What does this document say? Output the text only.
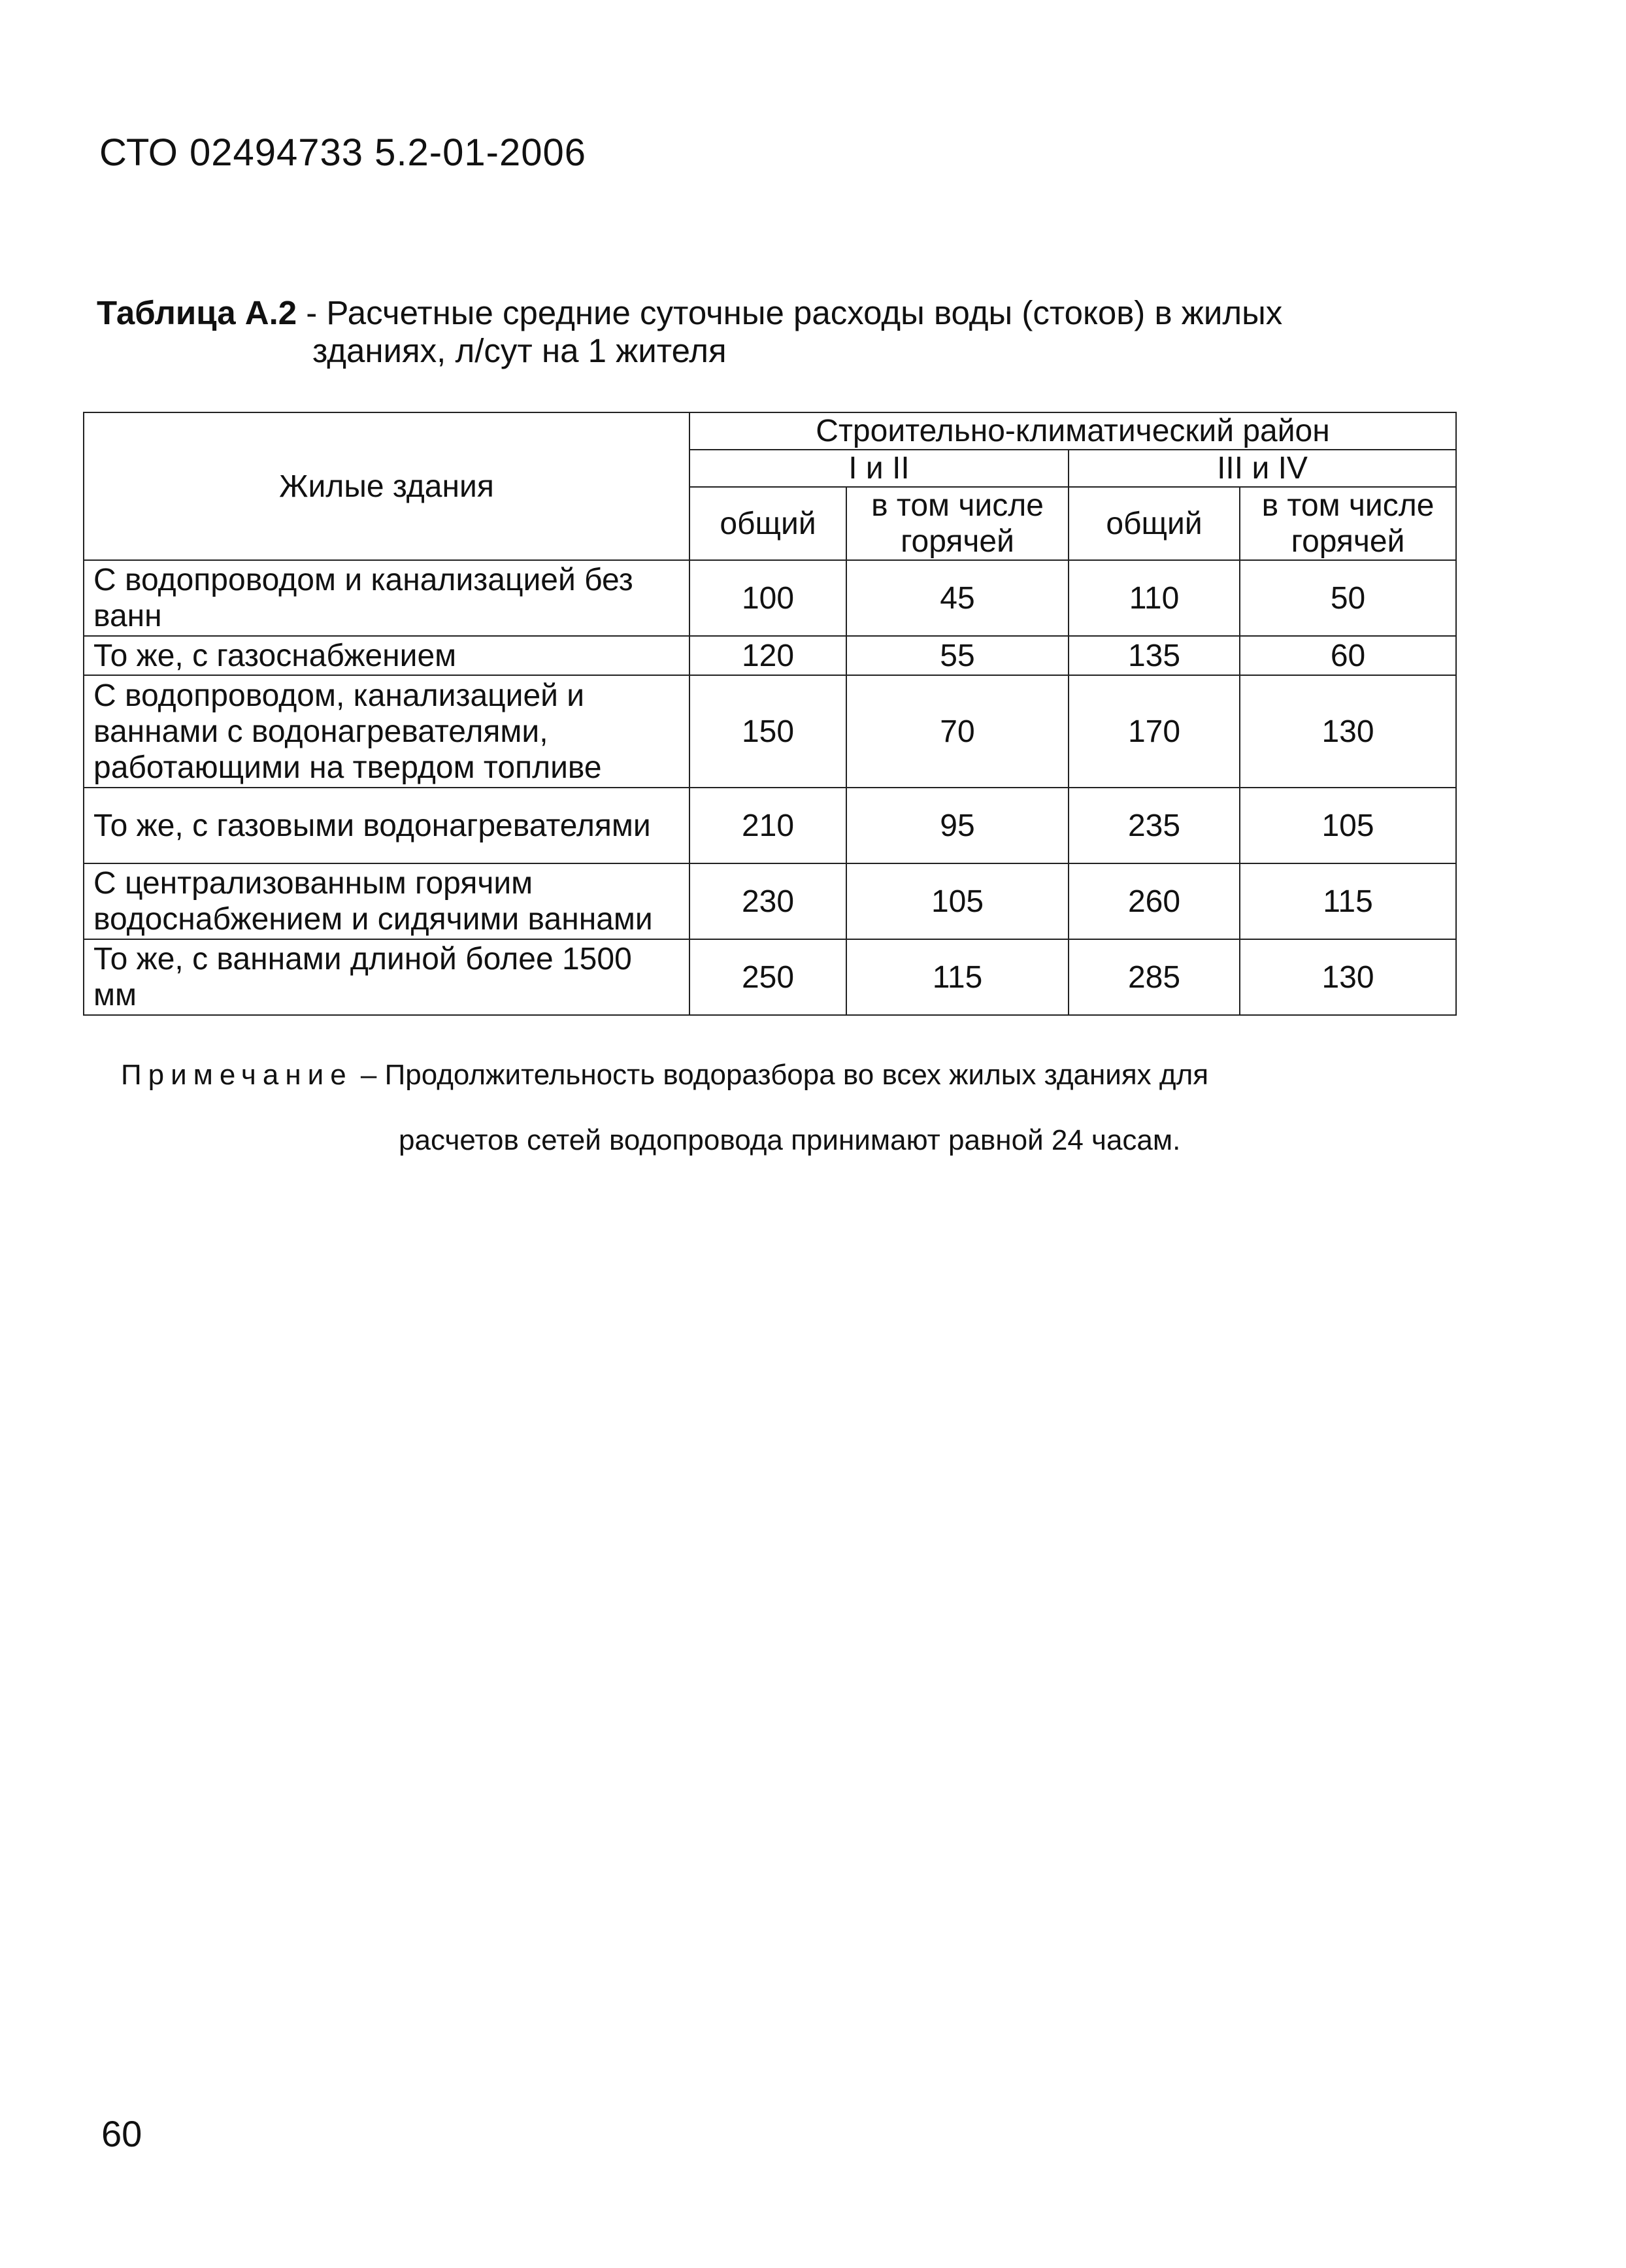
СТО 02494733 5.2-01-2006
Таблица А.2 - Расчетные средние суточные расходы воды (стоков) в жилых
зданиях, л/сут на 1 жителя
Жилые здания	Строительно-климатический район			
	I и II		III и IV	
	общий	в том числе горячей	общий	в том числе горячей
С водопроводом и канализацией без ванн	100	45	110	50
То же, с газоснабжением	120	55	135	60
С водопроводом, канализацией и ваннами с водонагревателями, работающими на твердом топливе	150	70	170	130
То же, с газовыми водонагревателями	210	95	235	105
С централизованным горячим водоснабжением и сидячими ваннами	230	105	260	115
То же, с ваннами длиной более 1500 мм	250	115	285	130
Примечание – Продолжительность водоразбора во всех жилых зданиях для
расчетов сетей водопровода принимают равной 24 часам.
60
